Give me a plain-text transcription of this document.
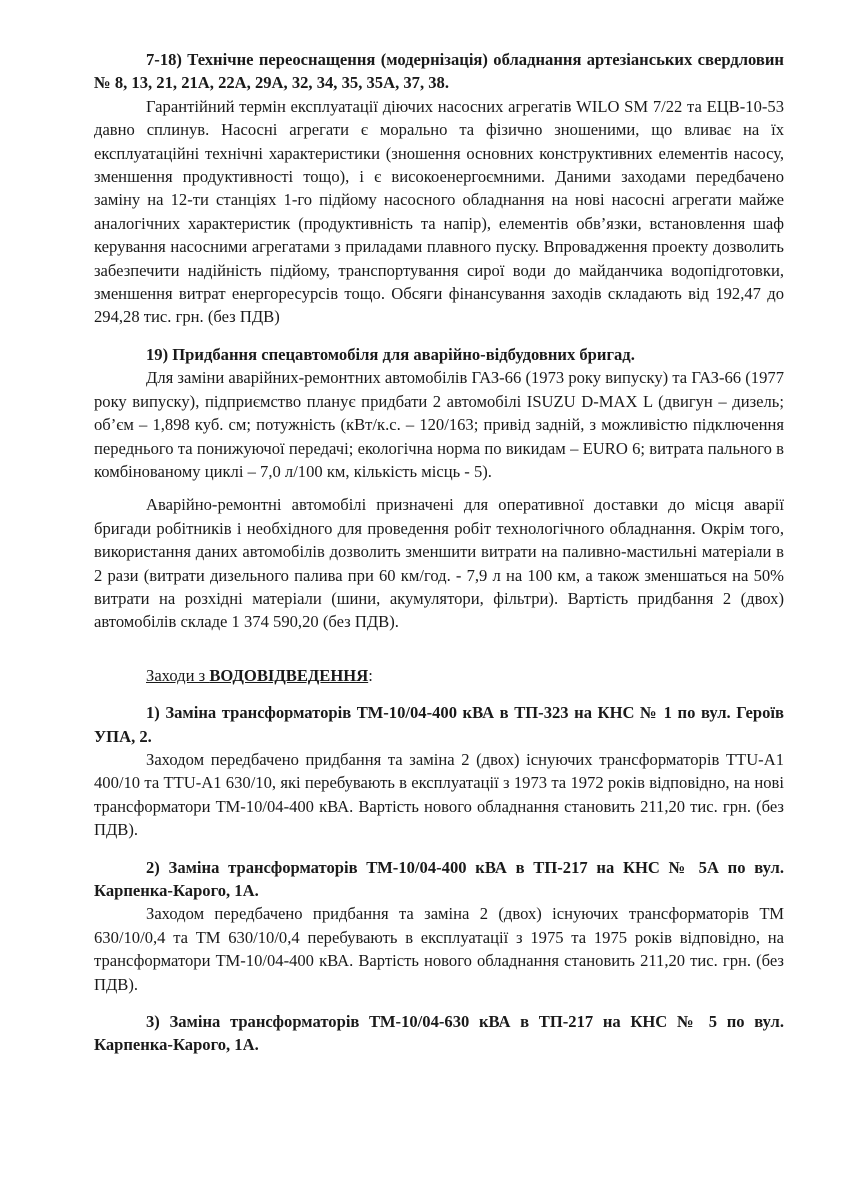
7-18) Технічне переоснащення (модернізація) обладнання артезіанських свердловин № 8, 13, 21, 21А, 22А, 29А, 32, 34, 35, 35А, 37, 38.

Гарантійний термін експлуатації діючих насосних агрегатів WILO SM 7/22 та ЕЦВ-10-53 давно сплинув. Насосні агрегати є морально та фізично зношеними, що вливає на їх експлуатаційні технічні характеристики (зношення основних конструктивних елементів насосу, зменшення продуктивності тощо), і є високоенергоємними. Даними заходами передбачено заміну на 12-ти станціях 1-го підйому насосного обладнання на нові насосні агрегати майже аналогічних характеристик (продуктивність та напір), елементів обв’язки, встановлення шаф керування насосними агрегатами з приладами плавного пуску. Впровадження проекту дозволить забезпечити надійність підйому, транспортування сирої води до майданчика водопідготовки, зменшення витрат енергоресурсів тощо. Обсяги фінансування заходів складають від 192,47 до 294,28 тис. грн. (без ПДВ)

19) Придбання спецавтомобіля для аварійно-відбудовних бригад.

Для заміни аварійних-ремонтних автомобілів ГАЗ-66 (1973 року випуску) та ГАЗ-66 (1977 року випуску), підприємство планує придбати 2 автомобілі ISUZU D-MAX L (двигун – дизель; об’єм – 1,898 куб. см; потужність (кВт/к.с. – 120/163; привід задній, з можливістю підключення переднього та понижуючої передачі; екологічна норма по викидам – EURO 6; витрата пального в комбінованому циклі – 7,0 л/100 км, кількість місць - 5).

Аварійно-ремонтні автомобілі призначені для оперативної доставки до місця аварії бригади робітників і необхідного для проведення робіт технологічного обладнання. Окрім того, використання даних автомобілів дозволить зменшити витрати на паливно-мастильні матеріали в 2 рази (витрати дизельного палива при 60 км/год. - 7,9 л на 100 км, а також зменшаться на 50% витрати на розхідні матеріали (шини, акумулятори, фільтри). Вартість придбання 2 (двох) автомобілів складе 1 374 590,20 (без ПДВ).

Заходи з ВОДОВІДВЕДЕННЯ:

1) Заміна трансформаторів ТМ-10/04-400 кВА в ТП-323 на КНС № 1 по вул. Героїв УПА, 2.

Заходом передбачено придбання та заміна 2 (двох) існуючих трансформаторів TTU-A1 400/10 та TTU-A1 630/10, які перебувають в експлуатації з 1973 та 1972 років відповідно, на нові трансформатори ТМ-10/04-400 кВА. Вартість нового обладнання становить 211,20 тис. грн. (без ПДВ).

2) Заміна трансформаторів ТМ-10/04-400 кВА в ТП-217 на КНС № 5А по вул. Карпенка-Карого, 1А.

Заходом передбачено придбання та заміна 2 (двох) існуючих трансформаторів ТМ 630/10/0,4 та ТМ 630/10/0,4 перебувають в експлуатації з 1975 та 1975 років відповідно, на трансформатори ТМ-10/04-400 кВА. Вартість нового обладнання становить 211,20 тис. грн. (без ПДВ).

3) Заміна трансформаторів ТМ-10/04-630 кВА в ТП-217 на КНС № 5 по вул. Карпенка-Карого, 1А.
